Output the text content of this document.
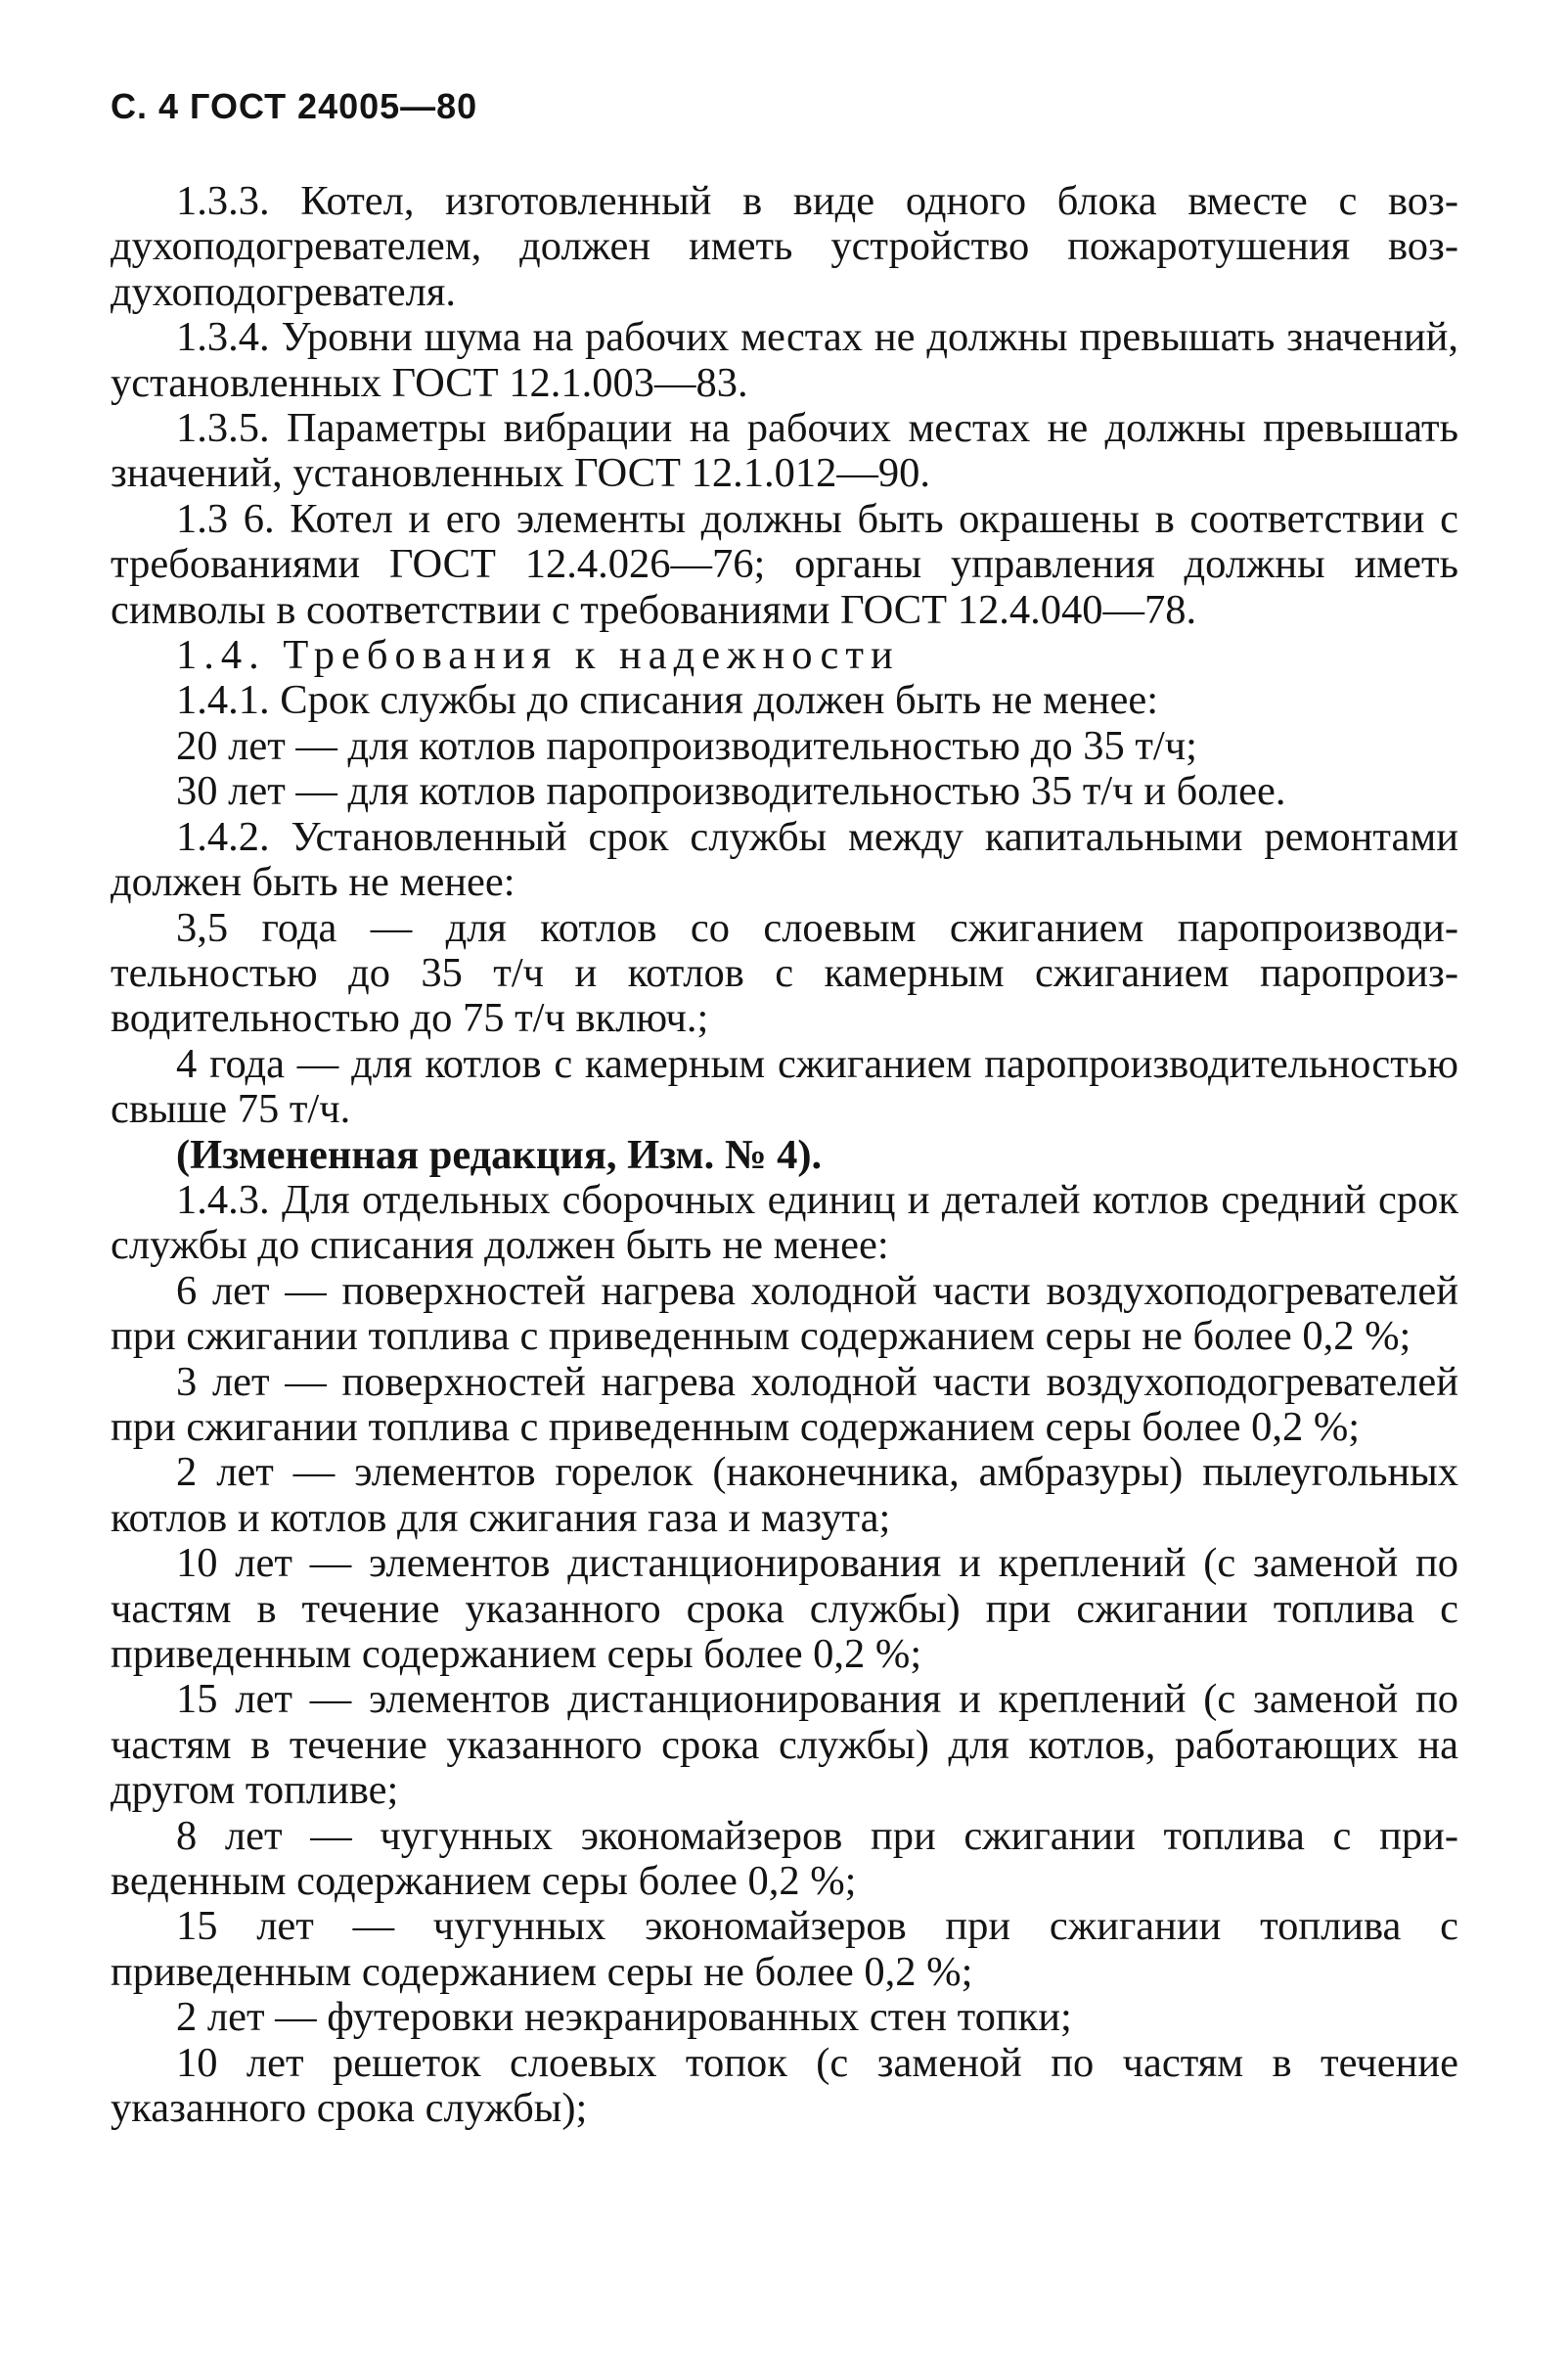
С. 4 ГОСТ 24005—80

1.3.3. Котел, изготовленный в виде одного блока вместе с воздухоподогревателем, должен иметь устройство пожаротушения воздухоподогревателя.

1.3.4. Уровни шума на рабочих местах не должны превышать значений, установленных ГОСТ 12.1.003—83.

1.3.5. Параметры вибрации на рабочих местах не должны превышать значений, установленных ГОСТ 12.1.012—90.

1.3 6. Котел и его элементы должны быть окрашены в соответствии с требованиями ГОСТ 12.4.026—76; органы управления должны иметь символы в соответствии с требованиями ГОСТ 12.4.040—78.

1.4. Требования к надежности

1.4.1. Срок службы до списания должен быть не менее:

20 лет — для котлов паропроизводительностью до 35 т/ч;

30 лет — для котлов паропроизводительностью 35 т/ч и более.

1.4.2. Установленный срок службы между капитальными ремонтами должен быть не менее:

3,5 года — для котлов со слоевым сжиганием паропроизводительностью до 35 т/ч и котлов с камерным сжиганием паропроизводительностью до 75 т/ч включ.;

4 года — для котлов с камерным сжиганием паропроизводительностью свыше 75 т/ч.

(Измененная редакция, Изм. № 4).

1.4.3. Для отдельных сборочных единиц и деталей котлов средний срок службы до списания должен быть не менее:

6 лет — поверхностей нагрева холодной части воздухоподогревателей при сжигании топлива с приведенным содержанием серы не более 0,2 %;

3 лет — поверхностей нагрева холодной части воздухоподогревателей при сжигании топлива с приведенным содержанием серы более 0,2 %;

2 лет — элементов горелок (наконечника, амбразуры) пылеугольных котлов и котлов для сжигания газа и мазута;

10 лет — элементов дистанционирования и креплений (с заменой по частям в течение указанного срока службы) при сжигании топлива с приведенным содержанием серы более 0,2 %;

15 лет — элементов дистанционирования и креплений (с заменой по частям в течение указанного срока службы) для котлов, работающих на другом топливе;

8 лет — чугунных экономайзеров при сжигании топлива с приведенным содержанием серы более 0,2 %;

15 лет — чугунных экономайзеров при сжигании топлива с приведенным содержанием серы не более 0,2 %;

2 лет — футеровки неэкранированных стен топки;

10 лет решеток слоевых топок (с заменой по частям в течение указанного срока службы);
